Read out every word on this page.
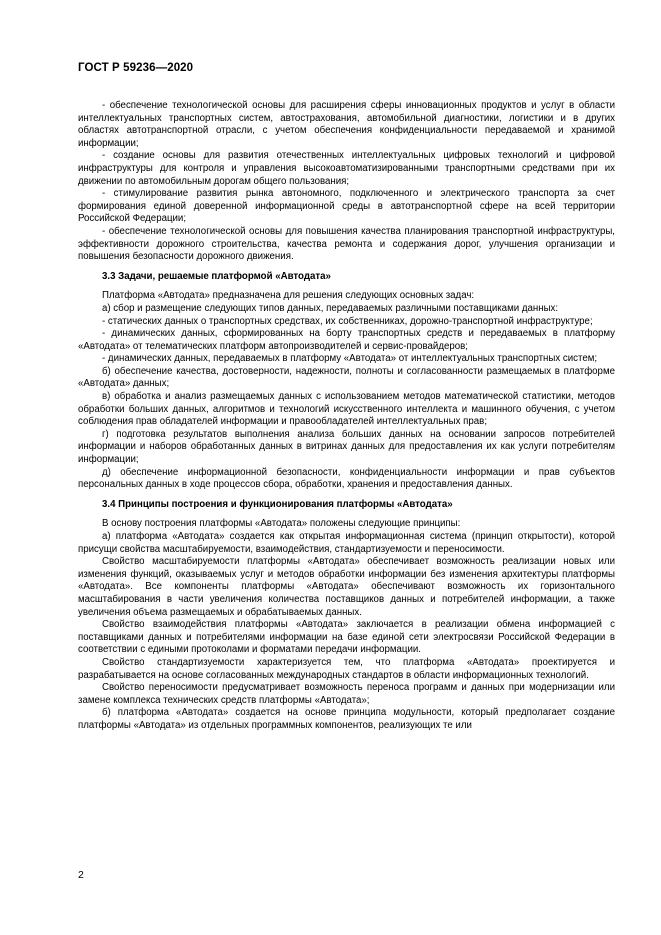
ГОСТ Р 59236—2020

- обеспечение технологической основы для расширения сферы инновационных продуктов и услуг в области интеллектуальных транспортных систем, автострахования, автомобильной диагностики, логистики и в других областях автотранспортной отрасли, с учетом обеспечения конфиденциальности передаваемой и хранимой информации;

- создание основы для развития отечественных интеллектуальных цифровых технологий и цифровой инфраструктуры для контроля и управления высокоавтоматизированными транспортными средствами при их движении по автомобильным дорогам общего пользования;

- стимулирование развития рынка автономного, подключенного и электрического транспорта за счет формирования единой доверенной информационной среды в автотранспортной сфере на всей территории Российской Федерации;

- обеспечение технологической основы для повышения качества планирования транспортной инфраструктуры, эффективности дорожного строительства, качества ремонта и содержания дорог, улучшения организации и повышения безопасности дорожного движения.

3.3 Задачи, решаемые платформой «Автодата»

Платформа «Автодата» предназначена для решения следующих основных задач:

а) сбор и размещение следующих типов данных, передаваемых различными поставщиками данных:

- статических данных о транспортных средствах, их собственниках, дорожно-транспортной инфраструктуре;

- динамических данных, сформированных на борту транспортных средств и передаваемых в платформу «Автодата» от телематических платформ автопроизводителей и сервис-провайдеров;

- динамических данных, передаваемых в платформу «Автодата» от интеллектуальных транспортных систем;

б) обеспечение качества, достоверности, надежности, полноты и согласованности размещаемых в платформе «Автодата» данных;

в) обработка и анализ размещаемых данных с использованием методов математической статистики, методов обработки больших данных, алгоритмов и технологий искусственного интеллекта и машинного обучения, с учетом соблюдения прав обладателей информации и правообладателей интеллектуальных прав;

г) подготовка результатов выполнения анализа больших данных на основании запросов потребителей информации и наборов обработанных данных в витринах данных для предоставления их как услуги потребителям информации;

д) обеспечение информационной безопасности, конфиденциальности информации и прав субъектов персональных данных в ходе процессов сбора, обработки, хранения и предоставления данных.

3.4 Принципы построения и функционирования платформы «Автодата»

В основу построения платформы «Автодата» положены следующие принципы:

а) платформа «Автодата» создается как открытая информационная система (принцип открытости), которой присущи свойства масштабируемости, взаимодействия, стандартизуемости и переносимости.

Свойство масштабируемости платформы «Автодата» обеспечивает возможность реализации новых или изменения функций, оказываемых услуг и методов обработки информации без изменения архитектуры платформы «Автодата». Все компоненты платформы «Автодата» обеспечивают возможность их горизонтального масштабирования в части увеличения количества поставщиков данных и потребителей информации, а также увеличения объема размещаемых и обрабатываемых данных.

Свойство взаимодействия платформы «Автодата» заключается в реализации обмена информацией с поставщиками данных и потребителями информации на базе единой сети электросвязи Российской Федерации в соответствии с едиными протоколами и форматами передачи информации.

Свойство стандартизуемости характеризуется тем, что платформа «Автодата» проектируется и разрабатывается на основе согласованных международных стандартов в области информационных технологий.

Свойство переносимости предусматривает возможность переноса программ и данных при модернизации или замене комплекса технических средств платформы «Автодата»;

б) платформа «Автодата» создается на основе принципа модульности, который предполагает создание платформы «Автодата» из отдельных программных компонентов, реализующих те или

2
